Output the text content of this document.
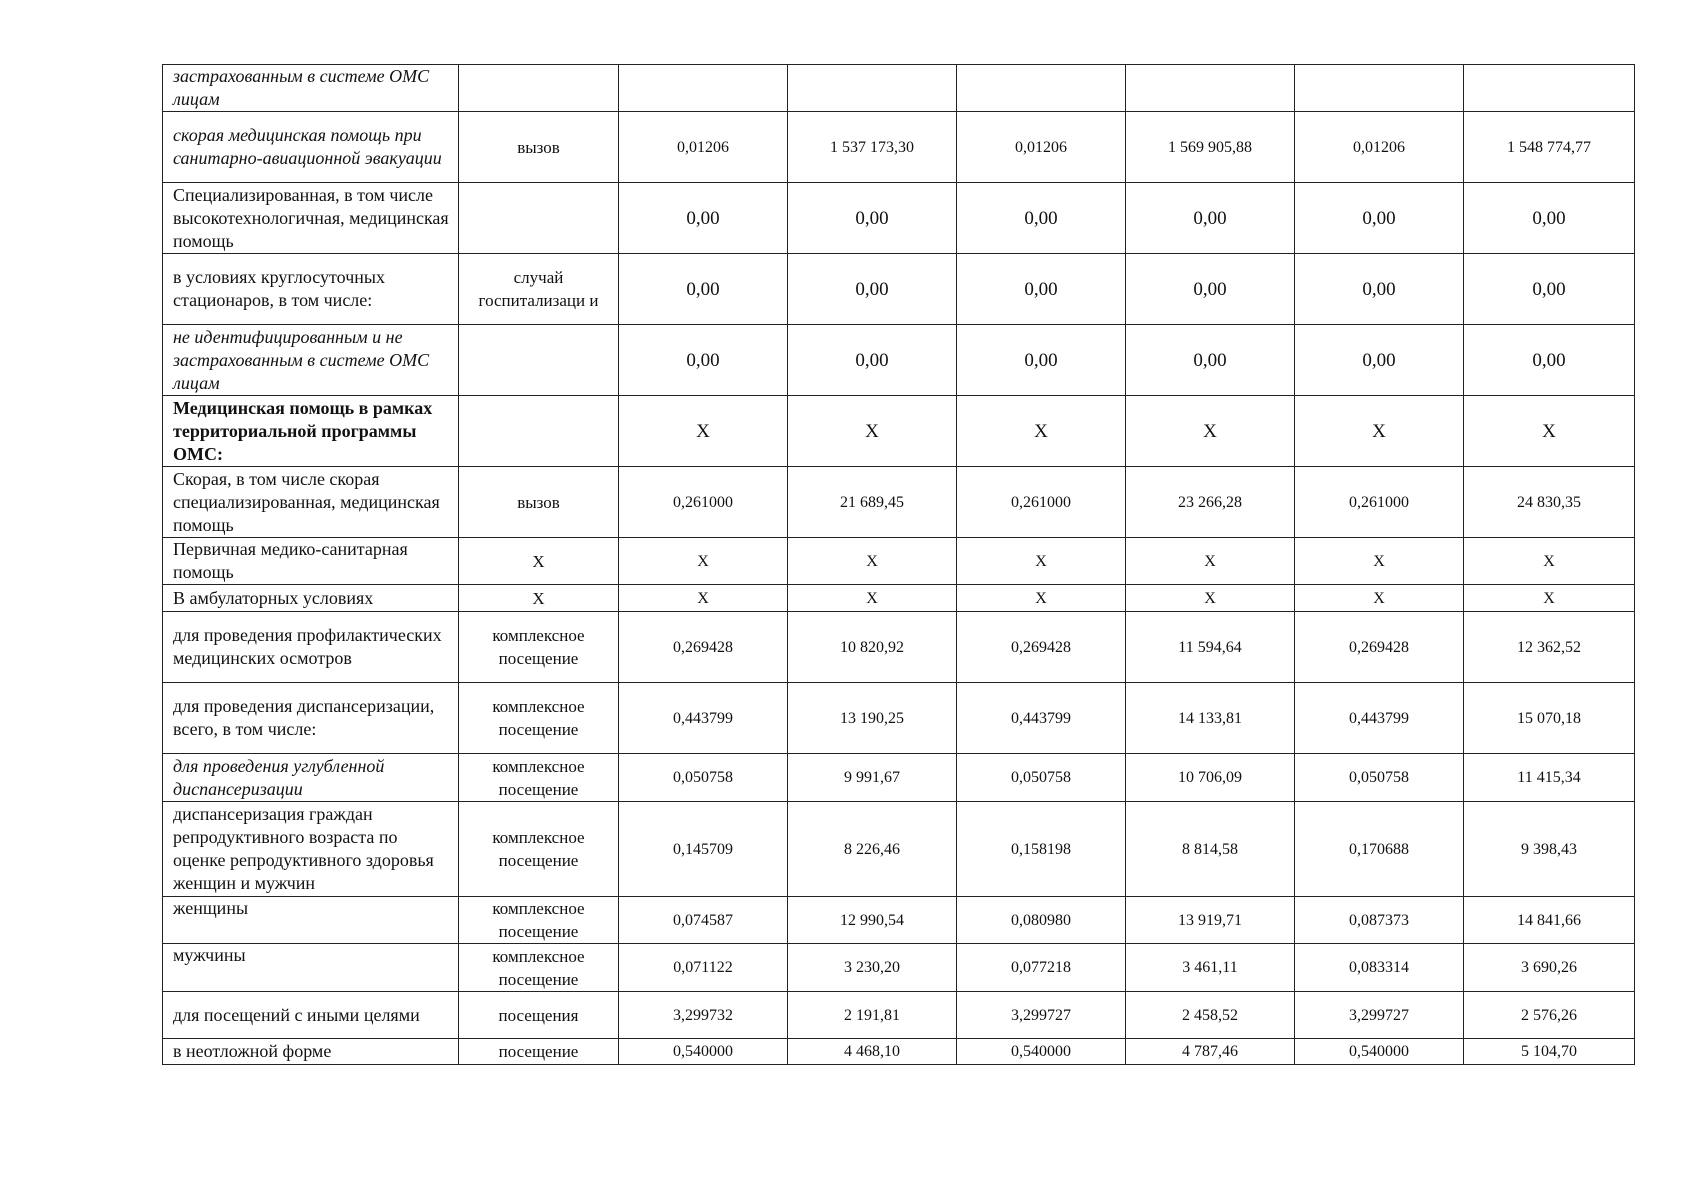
застрахованным в системе ОМС лицам							
скорая медицинская помощь при санитарно-авиационной эвакуации	вызов	0,01206	1 537 173,30	0,01206	1 569 905,88	0,01206	1 548 774,77
Специализированная, в том числе высокотехнологичная, медицинская помощь		0,00	0,00	0,00	0,00	0,00	0,00
в условиях круглосуточных стационаров, в том числе:	случай госпитализаци и	0,00	0,00	0,00	0,00	0,00	0,00
не идентифицированным и не застрахованным в системе ОМС лицам		0,00	0,00	0,00	0,00	0,00	0,00
Медицинская помощь в рамках территориальной программы ОМС:		X	X	X	X	X	X
Скорая, в том числе скорая специализированная, медицинская помощь	вызов	0,261000	21 689,45	0,261000	23 266,28	0,261000	24 830,35
Первичная медико-санитарная помощь	X	X	X	X	X	X	X
В амбулаторных условиях	X	X	X	X	X	X	X
для проведения профилактических медицинских осмотров	комплексное посещение	0,269428	10 820,92	0,269428	11 594,64	0,269428	12 362,52
для проведения диспансеризации, всего, в том числе:	комплексное посещение	0,443799	13 190,25	0,443799	14 133,81	0,443799	15 070,18
для проведения углубленной диспансеризации	комплексное посещение	0,050758	9 991,67	0,050758	10 706,09	0,050758	11 415,34
диспансеризация граждан репродуктивного возраста по оценке репродуктивного здоровья женщин и мужчин	комплексное посещение	0,145709	8 226,46	0,158198	8 814,58	0,170688	9 398,43
женщины	комплексное посещение	0,074587	12 990,54	0,080980	13 919,71	0,087373	14 841,66
мужчины	комплексное посещение	0,071122	3 230,20	0,077218	3 461,11	0,083314	3 690,26
для посещений с иными целями	посещения	3,299732	2 191,81	3,299727	2 458,52	3,299727	2 576,26
в неотложной форме	посещение	0,540000	4 468,10	0,540000	4 787,46	0,540000	5 104,70
